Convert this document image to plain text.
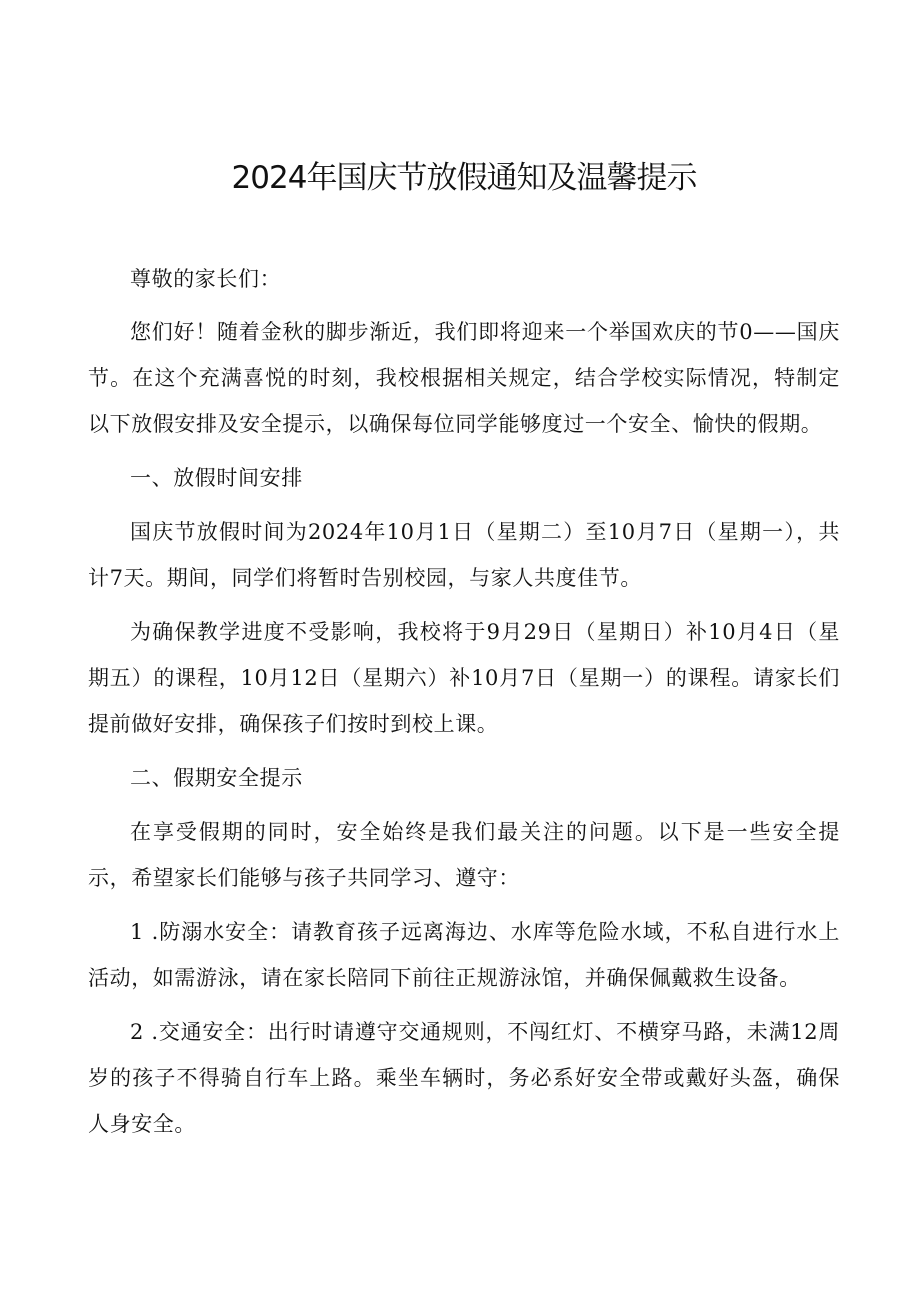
2024年国庆节放假通知及温馨提示

尊敬的家长们：

您们好！随着金秋的脚步渐近，我们即将迎来一个举国欢庆的节0——国庆节。在这个充满喜悦的时刻，我校根据相关规定，结合学校实际情况，特制定以下放假安排及安全提示，以确保每位同学能够度过一个安全、愉快的假期。

一、放假时间安排

国庆节放假时间为2024年10月1日（星期二）至10月7日（星期一），共计7天。期间，同学们将暂时告别校园，与家人共度佳节。

为确保教学进度不受影响，我校将于9月29日（星期日）补10月4日（星期五）的课程，10月12日（星期六）补10月7日（星期一）的课程。请家长们提前做好安排，确保孩子们按时到校上课。

二、假期安全提示

在享受假期的同时，安全始终是我们最关注的问题。以下是一些安全提示，希望家长们能够与孩子共同学习、遵守：

1 .防溺水安全：请教育孩子远离海边、水库等危险水域，不私自进行水上活动，如需游泳，请在家长陪同下前往正规游泳馆，并确保佩戴救生设备。

2 .交通安全：出行时请遵守交通规则，不闯红灯、不横穿马路，未满12周岁的孩子不得骑自行车上路。乘坐车辆时，务必系好安全带或戴好头盔，确保人身安全。
